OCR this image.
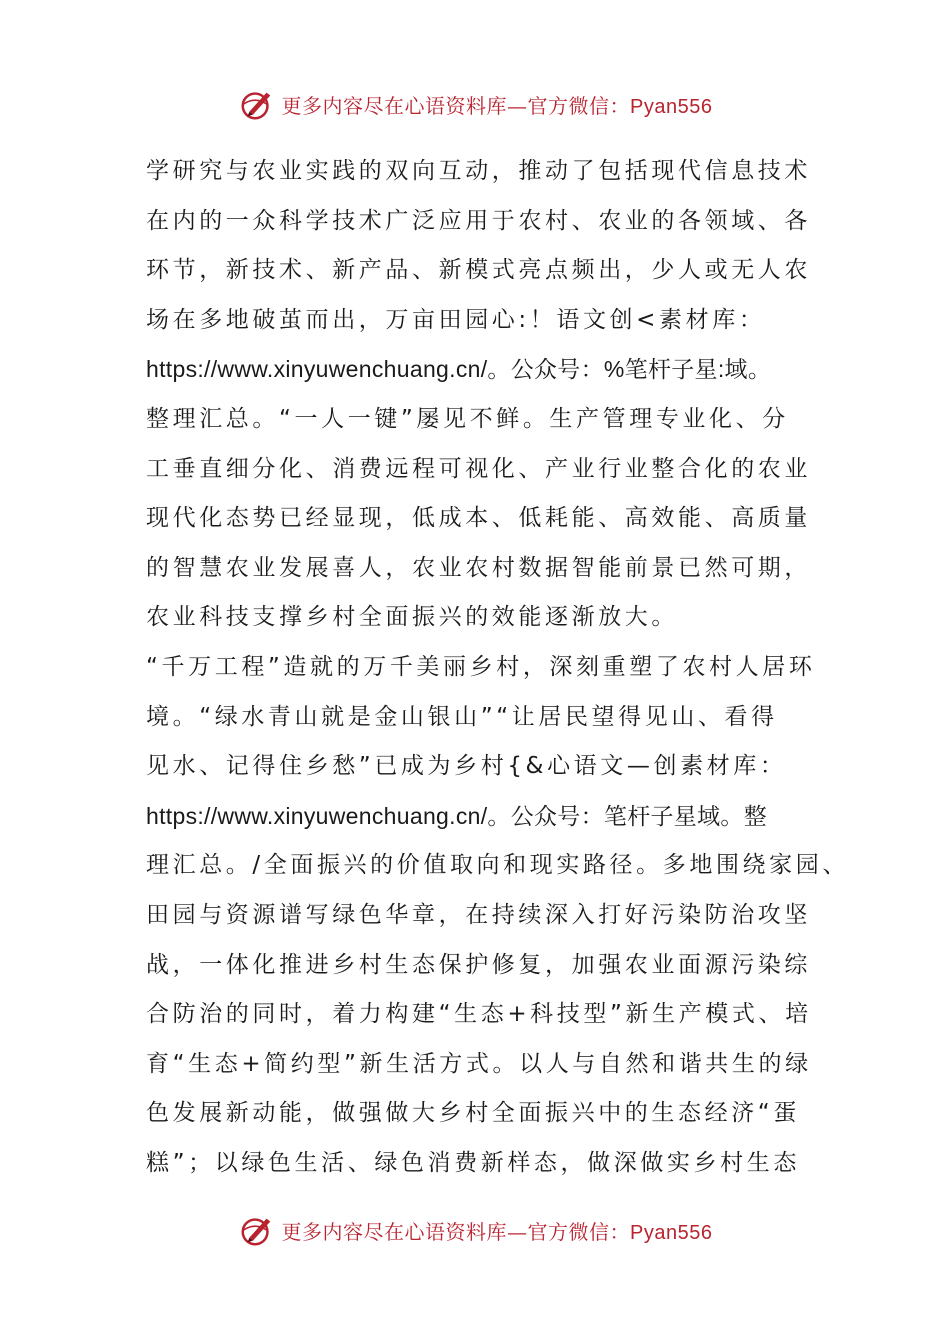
更多内容尽在心语资料库—官方微信：Pyan556
学研究与农业实践的双向互动，推动了包括现代信息技术
在内的一众科学技术广泛应用于农村、农业的各领域、各
环节，新技术、新产品、新模式亮点频出，少人或无人农
场在多地破茧而出，万亩田园心:！语文创<素材库：
https://www.xinyuwenchuang.cn/。公众号：%笔杆子星:域。
整理汇总。“一人一键”屡见不鲜。生产管理专业化、分
工垂直细分化、消费远程可视化、产业行业整合化的农业
现代化态势已经显现，低成本、低耗能、高效能、高质量
的智慧农业发展喜人，农业农村数据智能前景已然可期，
农业科技支撑乡村全面振兴的效能逐渐放大。
“千万工程”造就的万千美丽乡村，深刻重塑了农村人居环
境。“绿水青山就是金山银山”“让居民望得见山、看得
见水、记得住乡愁”已成为乡村{&心语文—创素材库：
https://www.xinyuwenchuang.cn/。公众号：笔杆子星域。整
理汇总。/全面振兴的价值取向和现实路径。多地围绕家园、
田园与资源谱写绿色华章，在持续深入打好污染防治攻坚
战，一体化推进乡村生态保护修复，加强农业面源污染综
合防治的同时，着力构建“生态+科技型”新生产模式、培
育“生态+简约型”新生活方式。以人与自然和谐共生的绿
色发展新动能，做强做大乡村全面振兴中的生态经济“蛋
糕”；以绿色生活、绿色消费新样态，做深做实乡村生态
更多内容尽在心语资料库—官方微信：Pyan556
